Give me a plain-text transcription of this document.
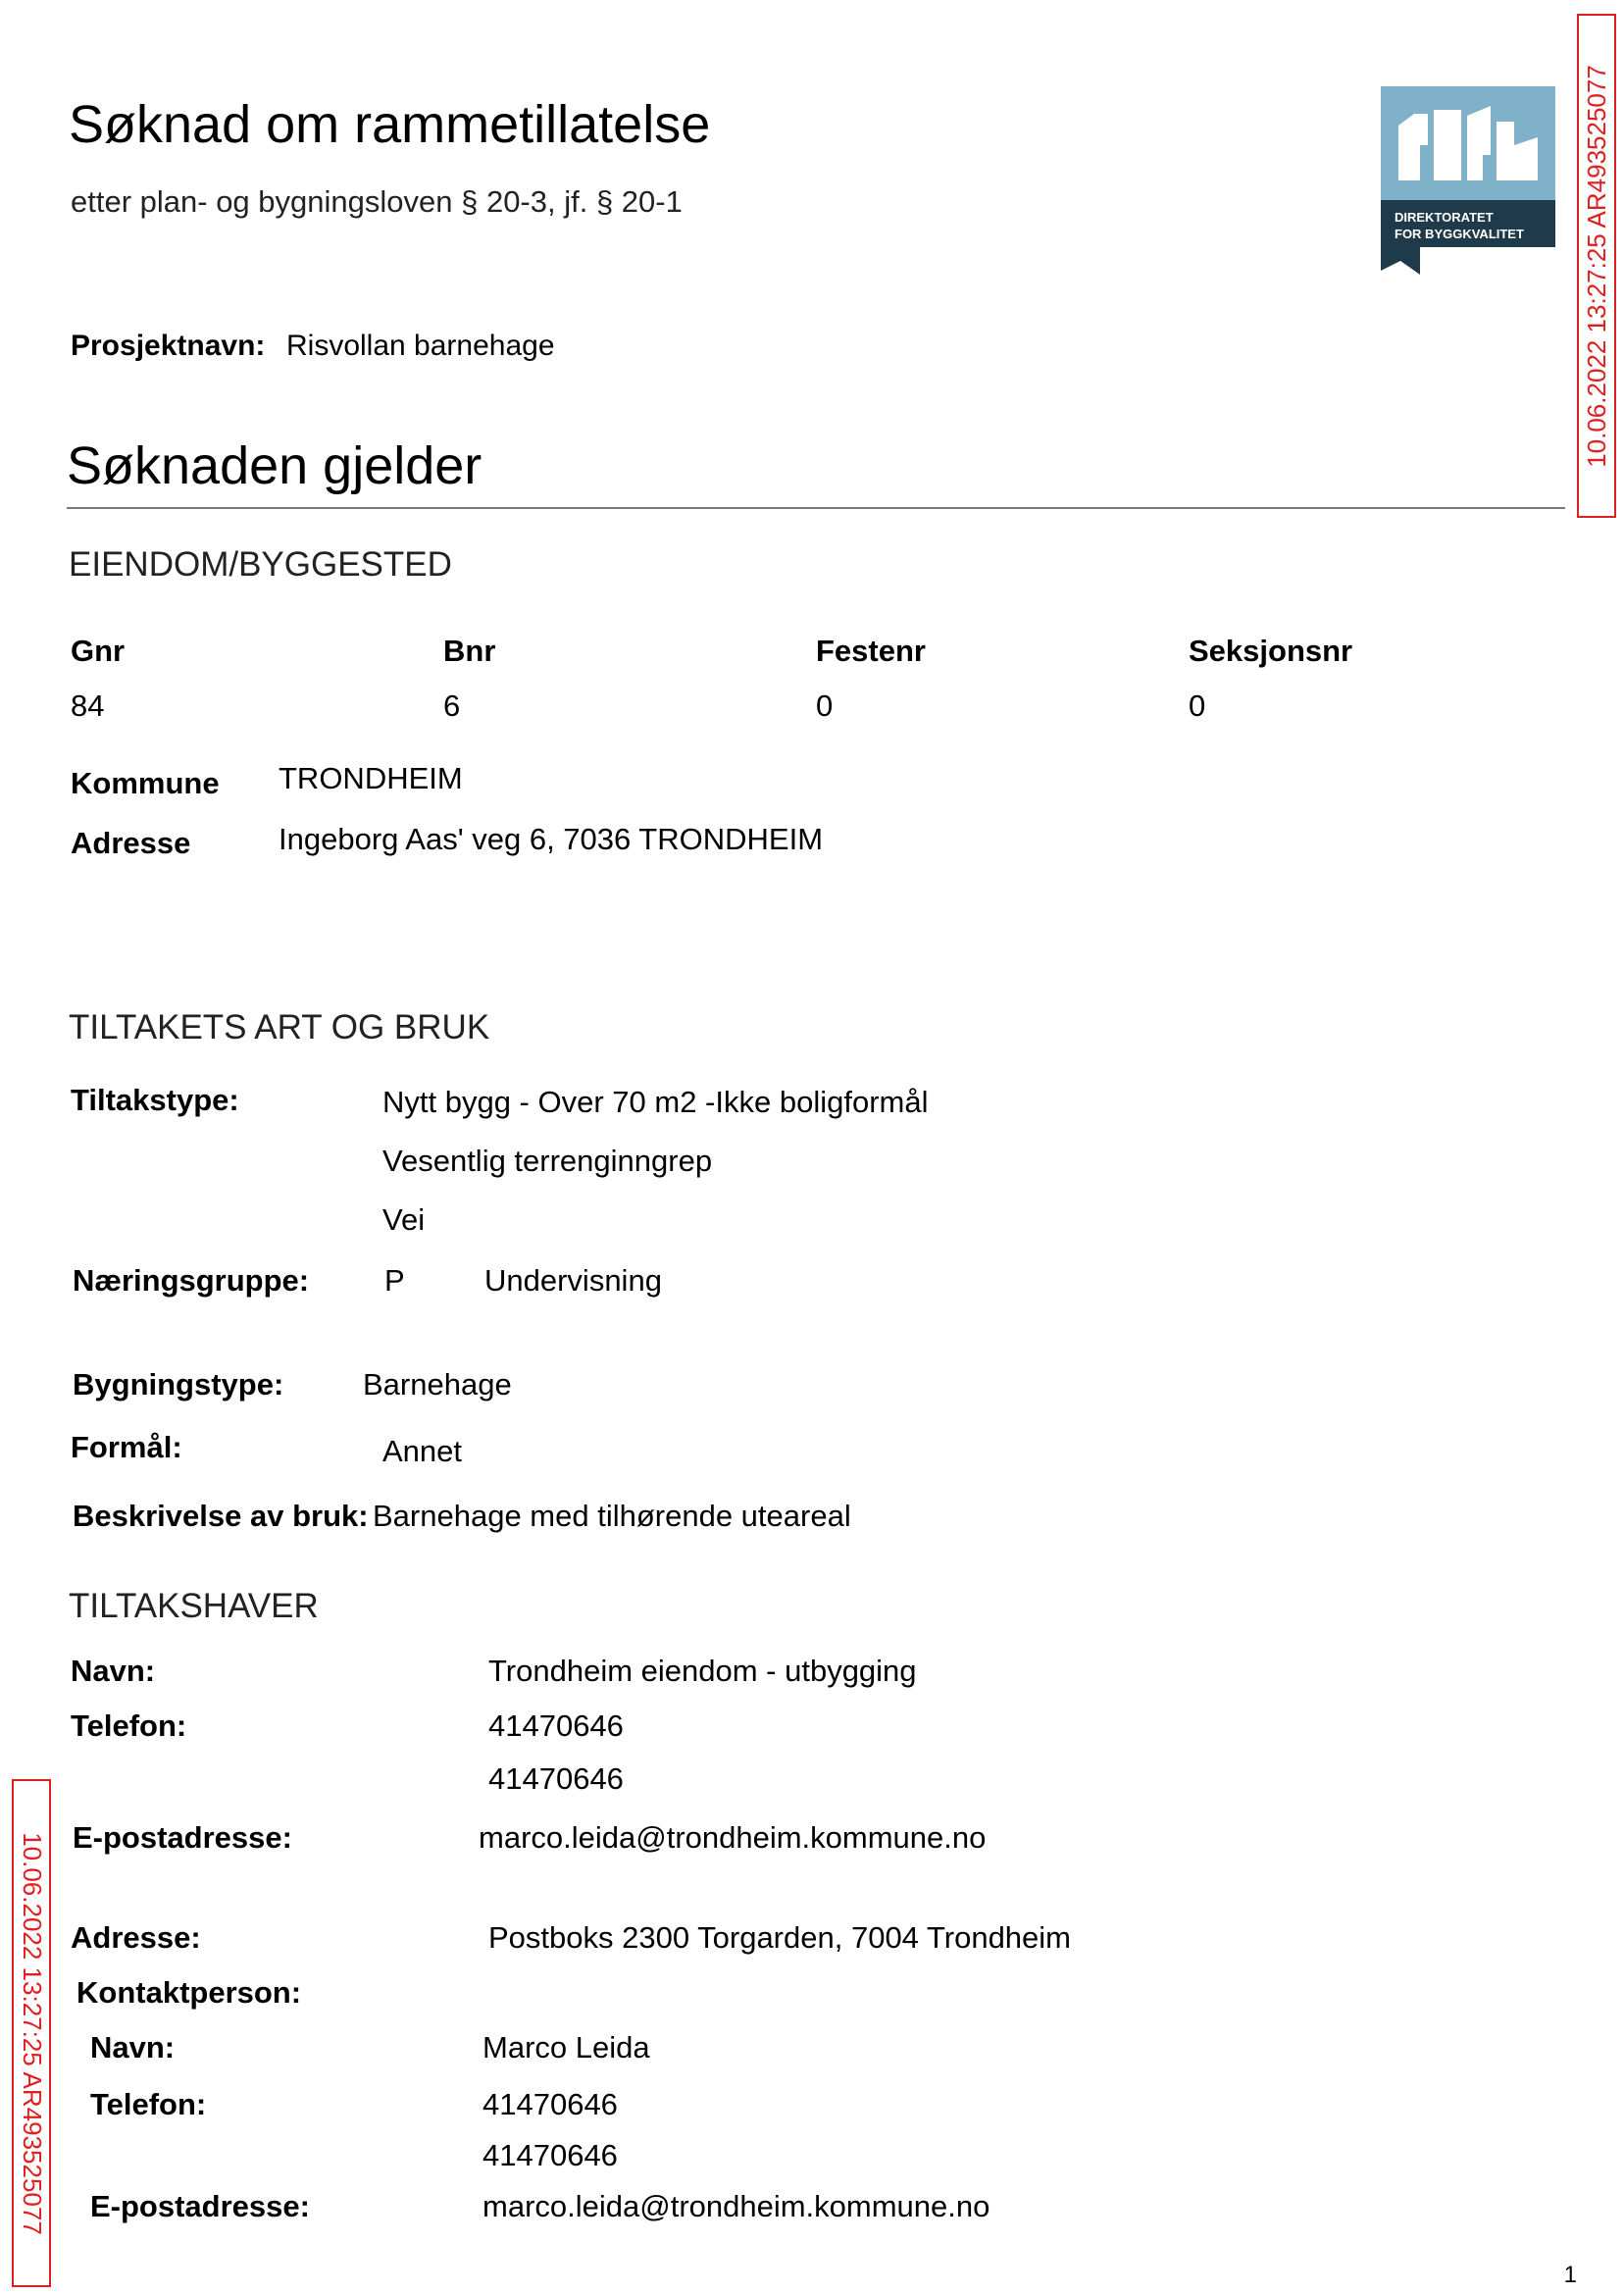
Søknad om rammetillatelse
etter plan- og bygningsloven § 20-3, jf. § 20-1	DIREKTORATET
FOR BYGGKVALITET 10.06.2022 13:27:25 AR493525077
10.06.2022 13:27:25 AR493525077
Prosjektnavn: Risvollan barnehage
Søknaden gjelder
EIENDOM/BYGGESTED
Gnr	Bnr	Festenr	Seksjonsnr
84	6	0	0
Kommune TRONDHEIM
Adresse	Ingeborg Aas' veg 6, 7036 TRONDHEIM
TILTAKETS ART OG BRUK
Tiltakstype:	Nytt bygg - Over 70 m2 -Ikke boligformål
Vesentlig terrenginngrep
Vei
Næringsgruppe: P	Undervisning
Bygningstype:	Barnehage
Formål:	Annet
Beskrivelse av bruk: Barnehage med tilhørende uteareal
TILTAKSHAVER
Navn:	Trondheim eiendom - utbygging
Telefon:	41470646
41470646
E-postadresse:	marco.leida@trondheim.kommune.no
Adresse:	Postboks 2300 Torgarden, 7004 Trondheim
Kontaktperson:
Navn:	Marco Leida
Telefon:	41470646
41470646
E-postadresse:	marco.leida@trondheim.kommune.no
1
